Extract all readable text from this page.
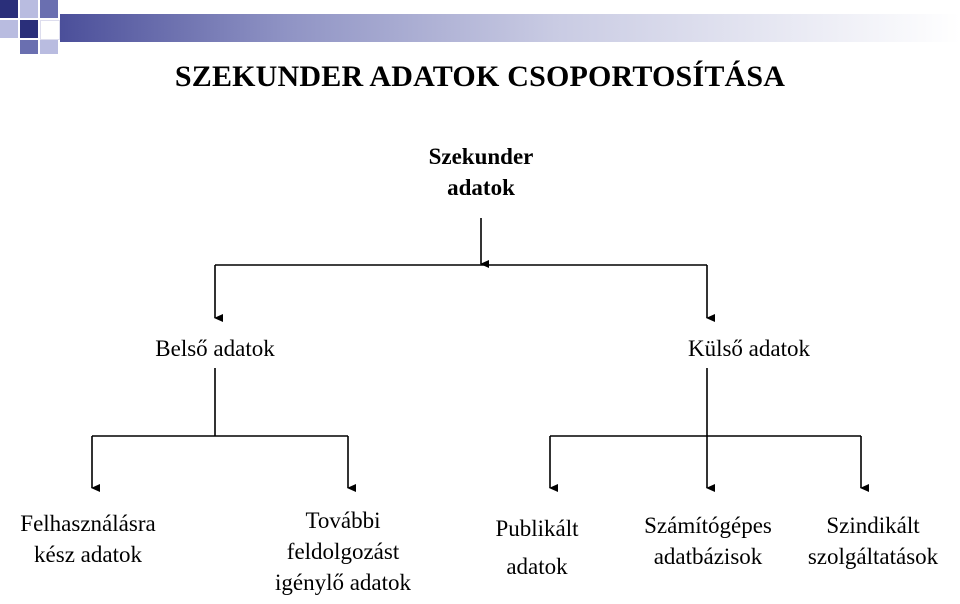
SZEKUNDER ADATOK CSOPORTOSÍTÁSA
Szekunder
adatok
Belső adatok	Külső adatok
Felhasználásra
kész adatok
További
feldolgozást
igénylő adatok
Publikált
adatok
Számítógépes
adatbázisok
Szindikált
szolgáltatások
